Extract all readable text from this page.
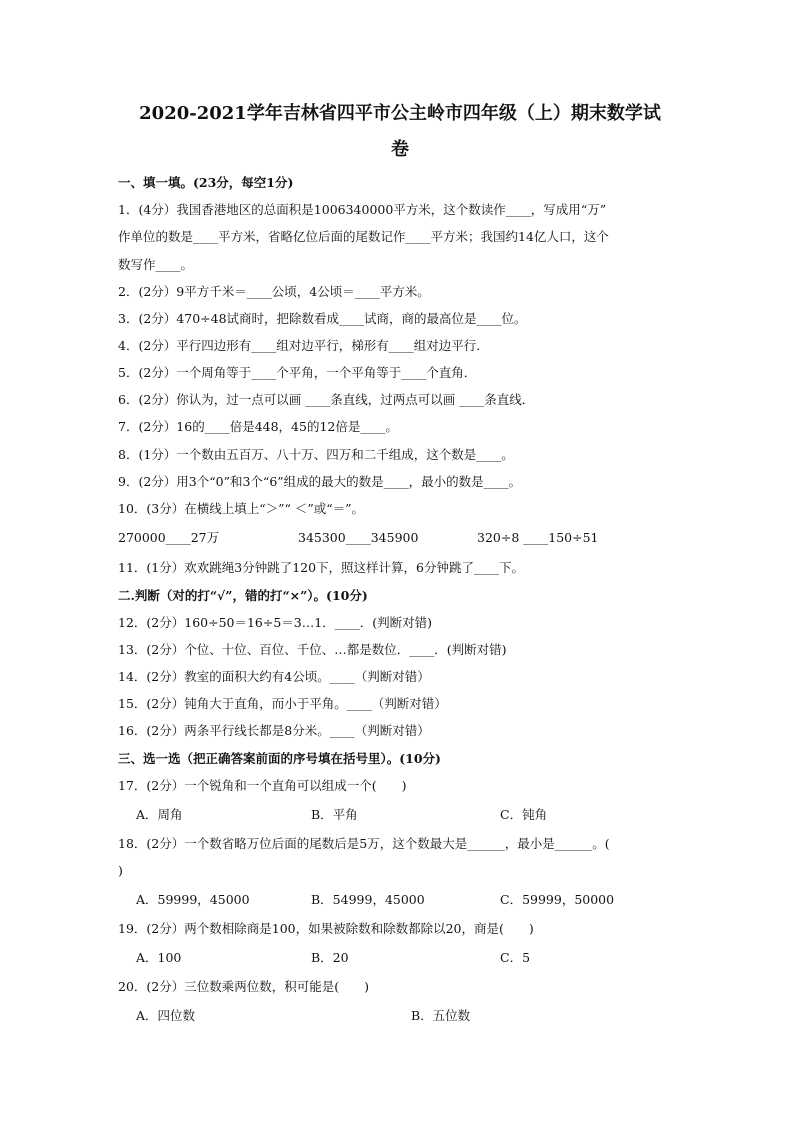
2020-2021学年吉林省四平市公主岭市四年级（上）期末数学试
卷
一、填一填。(23分，每空1分)
1．(4分）我国香港地区的总面积是1006340000平方米，这个数读作____，写成用“万”
作单位的数是____平方米，省略亿位后面的尾数记作____平方米；我国约14亿人口，这个
数写作____。
2．(2分）9平方千米＝____公顷，4公顷＝____平方米。
3．(2分）470÷48试商时，把除数看成____试商，商的最高位是____位。
4．(2分）平行四边形有____组对边平行，梯形有____组对边平行．
5．(2分）一个周角等于____个平角，一个平角等于____个直角．
6．(2分）你认为，过一点可以画 ____条直线，过两点可以画 ____条直线．
7．(2分）16的____倍是448，45的12倍是____。
8．(1分）一个数由五百万、八十万、四万和二千组成，这个数是____。
9．(2分）用3个“0”和3个“6”组成的最大的数是____，最小的数是____。
10．(3分）在横线上填上“＞”“ ＜”或“＝”。
270000____27万	345300____345900	320÷8 ____150÷51
11．(1分）欢欢跳绳3分钟跳了120下，照这样计算，6分钟跳了____下。
二.判断（对的打“√”，错的打“×”）。(10分)
12．(2分）160÷50＝16÷5＝3…1．____．(判断对错)
13．(2分）个位、十位、百位、千位、…都是数位．____．(判断对错)
14．(2分）教室的面积大约有4公顷。____（判断对错）
15．(2分）钝角大于直角，而小于平角。____（判断对错）
16．(2分）两条平行线长都是8分米。____（判断对错）
三、选一选（把正确答案前面的序号填在括号里）。(10分)
17．(2分）一个锐角和一个直角可以组成一个(　　)
A．周角	B．平角	C．钝角
18．(2分）一个数省略万位后面的尾数后是5万，这个数最大是______，最小是______。(
)
A．59999，45000	B．54999，45000	C．59999，50000
19．(2分）两个数相除商是100，如果被除数和除数都除以20，商是(　　)
A．100	B．20	C．5
20．(2分）三位数乘两位数，积可能是(　　)
A．四位数	B．五位数
